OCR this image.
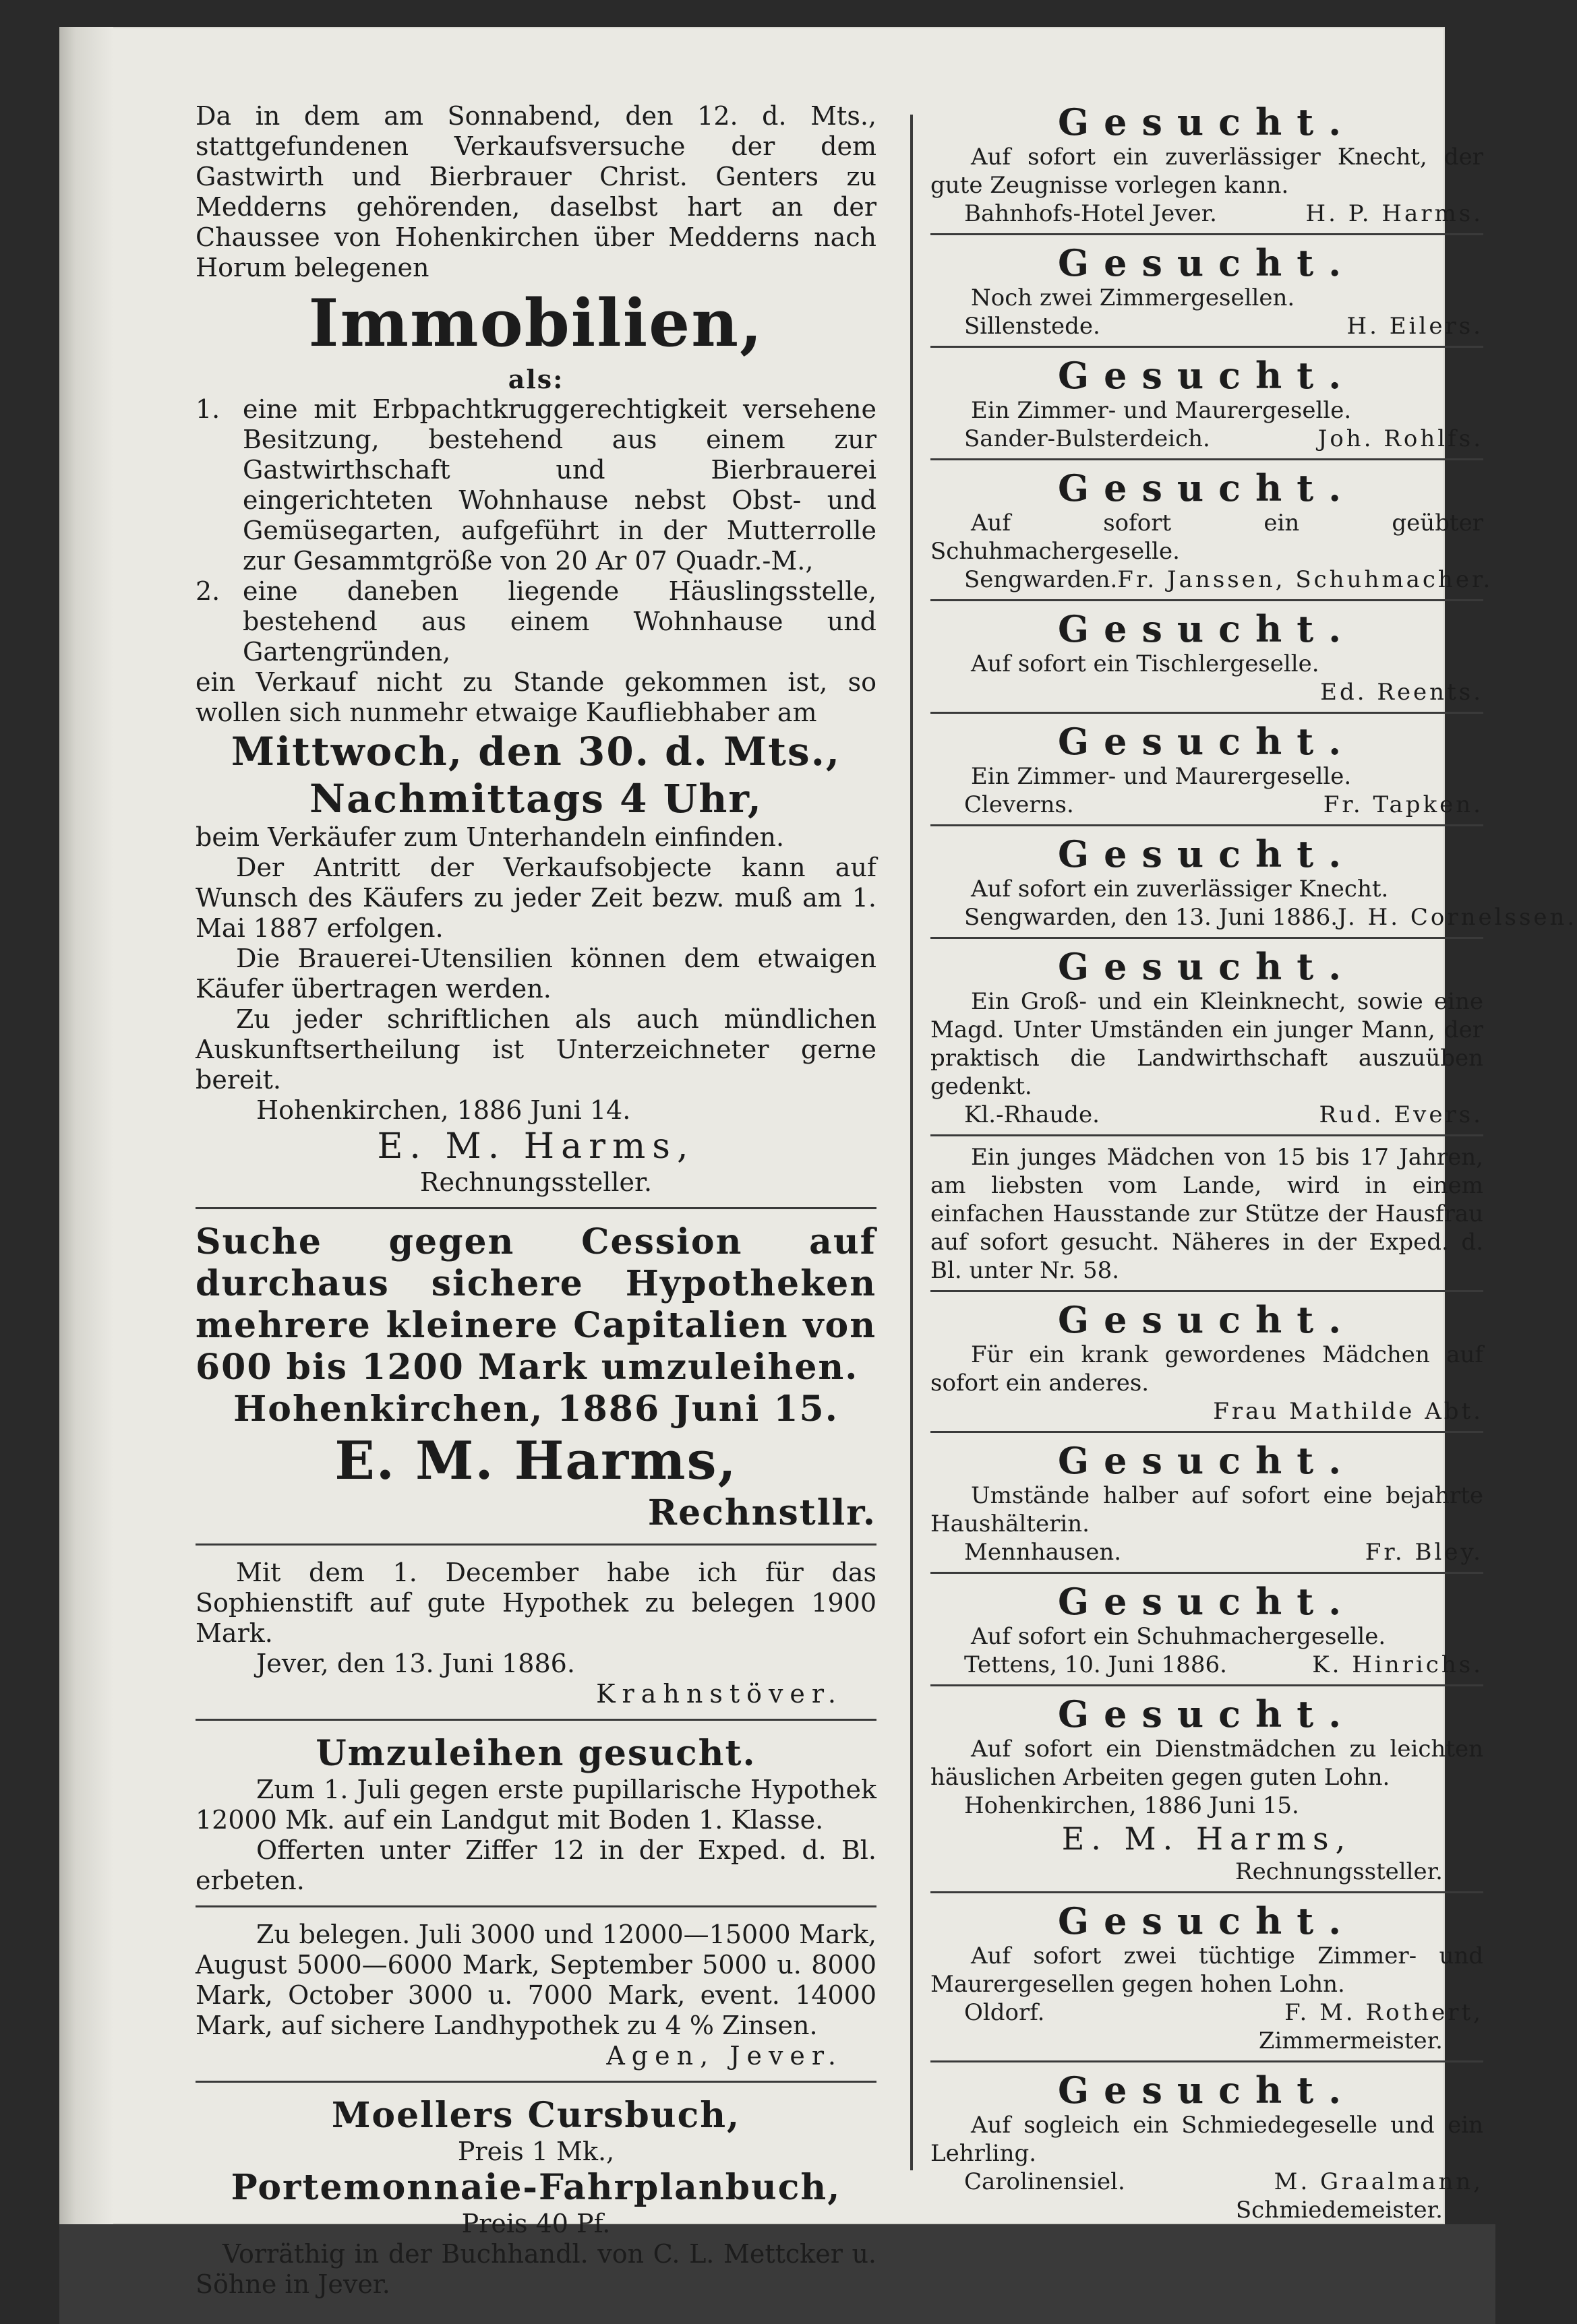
Da in dem am Sonnabend, den 12. d. Mts., stattgefundenen Verkaufsversuche der dem Gastwirth und Bierbrauer Christ. Genters zu Medderns gehörenden, daselbst hart an der Chaussee von Hohenkirchen über Medderns nach Horum belegenen

Immobilien,

als:

1. eine mit Erbpachtkruggerechtigkeit versehene Besitzung, bestehend aus einem zur Gastwirthschaft und Bierbrauerei eingerichteten Wohnhause nebst Obst- und Gemüsegarten, aufgeführt in der Mutterrolle zur Gesammtgröße von 20 Ar 07 Quadr.-M.,

2. eine daneben liegende Häuslingsstelle, bestehend aus einem Wohnhause und Gartengründen,

ein Verkauf nicht zu Stande gekommen ist, so wollen sich nunmehr etwaige Kaufliebhaber am

Mittwoch, den 30. d. Mts.,

Nachmittags 4 Uhr,

beim Verkäufer zum Unterhandeln einfinden.

Der Antritt der Verkaufsobjecte kann auf Wunsch des Käufers zu jeder Zeit bezw. muß am 1. Mai 1887 erfolgen.

Die Brauerei-Utensilien können dem etwaigen Käufer übertragen werden.

Zu jeder schriftlichen als auch mündlichen Auskunftsertheilung ist Unterzeichneter gerne bereit.

Hohenkirchen, 1886 Juni 14.

E. M. Harms,

Rechnungssteller.

Suche gegen Cession auf durchaus sichere Hypotheken mehrere kleinere Capitalien von 600 bis 1200 Mark umzuleihen.

Hohenkirchen, 1886 Juni 15.

E. M. Harms,

Rechnstllr.

Mit dem 1. December habe ich für das Sophienstift auf gute Hypothek zu belegen 1900 Mark.

Jever, den 13. Juni 1886.

Krahnstöver.

Umzuleihen gesucht.

Zum 1. Juli gegen erste pupillarische Hypothek 12000 Mk. auf ein Landgut mit Boden 1. Klasse.

Offerten unter Ziffer 12 in der Exped. d. Bl. erbeten.

Zu belegen. Juli 3000 und 12000—15000 Mark, August 5000—6000 Mark, September 5000 u. 8000 Mark, October 3000 u. 7000 Mark, event. 14000 Mark, auf sichere Landhypothek zu 4 % Zinsen.

Agen, Jever.

Moellers Cursbuch,

Preis 1 Mk.,

Portemonnaie-Fahrplanbuch,

Preis 40 Pf.

Vorräthig in der Buchhandl. von C. L. Mettcker u. Söhne in Jever.

Gesucht.

Auf sofort ein zuverlässiger Knecht, der gute Zeugnisse vorlegen kann.

Bahnhofs-Hotel Jever.	H. P. Harms.

Gesucht.

Noch zwei Zimmergesellen.

Sillenstede.	H. Eilers.

Gesucht.

Ein Zimmer- und Maurergeselle.

Sander-Bulsterdeich.	Joh. Rohlfs.

Gesucht.

Auf sofort ein geübter Schuhmachergeselle.

Sengwarden. Fr. Janssen, Schuhmacher.

Gesucht.

Auf sofort ein Tischlergeselle.

Ed. Reents.

Gesucht.

Ein Zimmer- und Maurergeselle.

Cleverns.	Fr. Tapken.

Gesucht.

Auf sofort ein zuverlässiger Knecht.

Sengwarden, den 13. Juni 1886. J. H. Cornelssen.

Gesucht.

Ein Groß- und ein Kleinknecht, sowie eine Magd. Unter Umständen ein junger Mann, der praktisch die Landwirthschaft auszuüben gedenkt.

Kl.-Rhaude.	Rud. Evers.

Ein junges Mädchen von 15 bis 17 Jahren, am liebsten vom Lande, wird in einem einfachen Hausstande zur Stütze der Hausfrau auf sofort gesucht. Näheres in der Exped. d. Bl. unter Nr. 58.

Gesucht.

Für ein krank gewordenes Mädchen auf sofort ein anderes.

Frau Mathilde Abt.

Gesucht.

Umstände halber auf sofort eine bejahrte Haushälterin.

Mennhausen.	Fr. Bley.

Gesucht.

Auf sofort ein Schuhmachergeselle.

Tettens, 10. Juni 1886.	K. Hinrichs.

Gesucht.

Auf sofort ein Dienstmädchen zu leichten häuslichen Arbeiten gegen guten Lohn.

Hohenkirchen, 1886 Juni 15.

E. M. Harms,

Rechnungssteller.

Gesucht.

Auf sofort zwei tüchtige Zimmer- und Maurergesellen gegen hohen Lohn.

Oldorf.	F. M. Rothert,

Zimmermeister.

Gesucht.

Auf sogleich ein Schmiedegeselle und ein Lehrling.

Carolinensiel.	M. Graalmann,

Schmiedemeister.
